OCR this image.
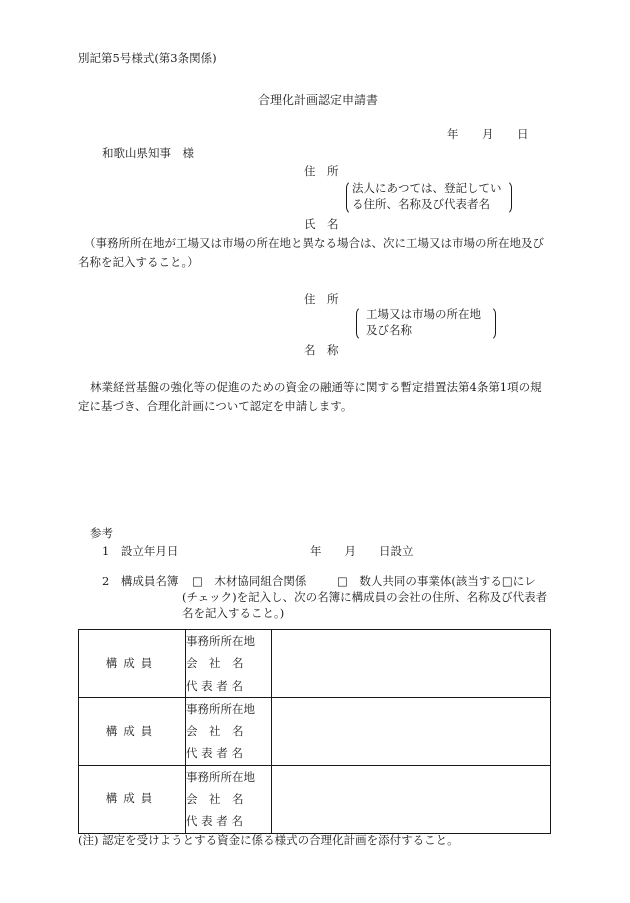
別記第5号様式(第3条関係)
合理化計画認定申請書
年 月 日
和歌山県知事　様
住　所
法人にあつては、登記してい
る住所、名称及び代表者名
氏　名
（事務所所在地が工場又は市場の所在地と異なる場合は、次に工場又は市場の所在地及び
名称を記入すること。）
住　所
工場又は市場の所在地
及び名称
名　称
林業経営基盤の強化等の促進のための資金の融通等に関する暫定措置法第4条第1項の規
定に基づき、合理化計画について認定を申請します。
参考
1　設立年月日	年　　月　　日設立
2　構成員名簿 □　木材協同組合関係	□　数人共同の事業体(該当する□にレ
(チェック)を記入し、次の名簿に構成員の会社の住所、名称及び代表者
名を記入すること。)
構成員	事務所所在地
会　社　名
代 表 者 名	

構成員	事務所所在地
会　社　名
代 表 者 名	

構成員	事務所所在地
会　社　名
代 表 者 名	

(注) 認定を受けようとする資金に係る様式の合理化計画を添付すること。
